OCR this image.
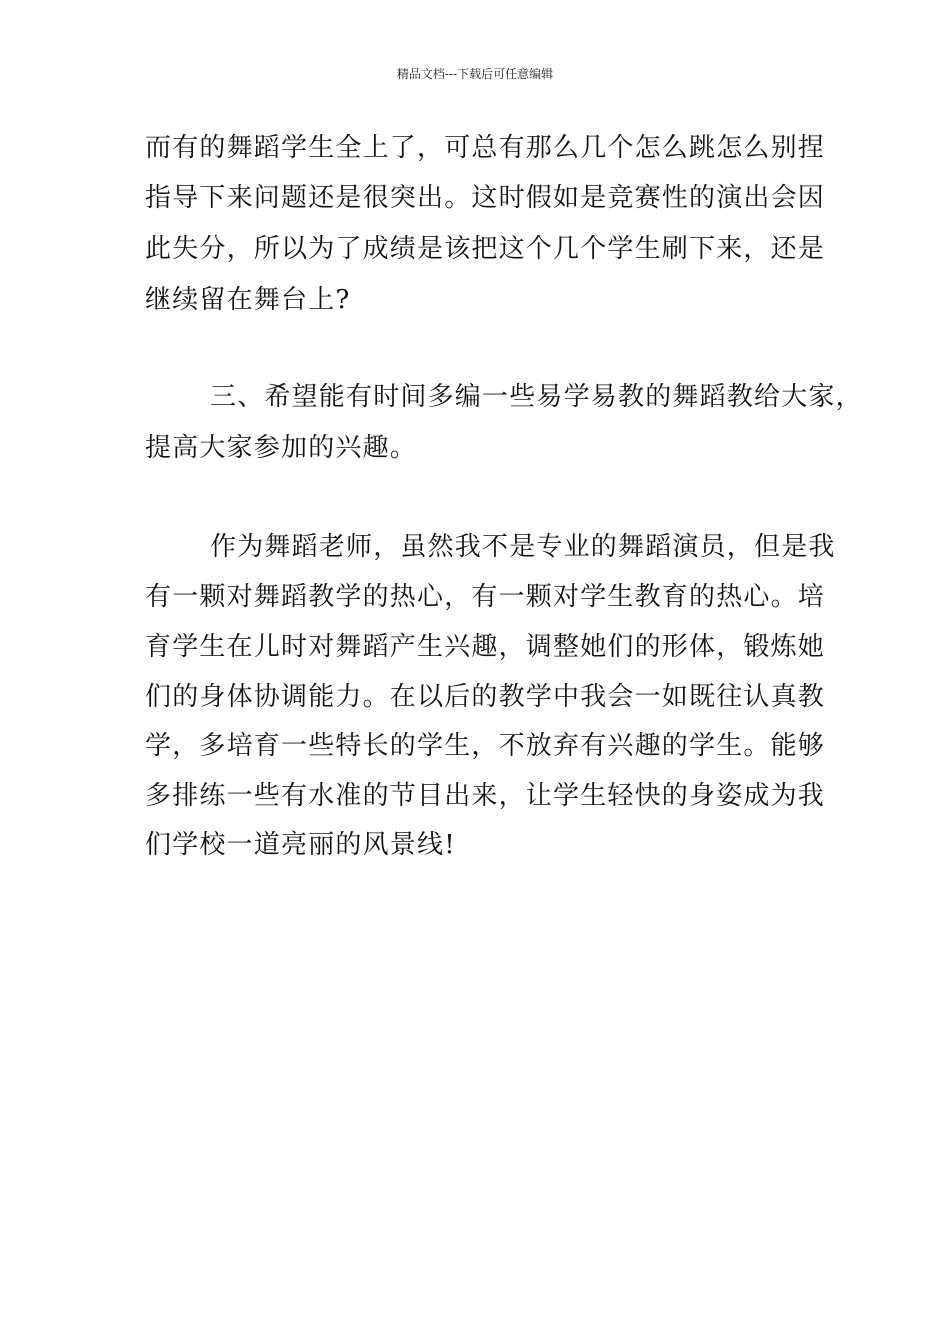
精品文档---下载后可任意编辑
而有的舞蹈学生全上了，可总有那么几个怎么跳怎么别捏
指导下来问题还是很突出。这时假如是竞赛性的演出会因
此失分，所以为了成绩是该把这个几个学生刷下来，还是
继续留在舞台上?
三、希望能有时间多编一些易学易教的舞蹈教给大家，
提高大家参加的兴趣。
作为舞蹈老师，虽然我不是专业的舞蹈演员，但是我
有一颗对舞蹈教学的热心，有一颗对学生教育的热心。培
育学生在儿时对舞蹈产生兴趣，调整她们的形体，锻炼她
们的身体协调能力。在以后的教学中我会一如既往认真教
学，多培育一些特长的学生，不放弃有兴趣的学生。能够
多排练一些有水准的节目出来，让学生轻快的身姿成为我
们学校一道亮丽的风景线!
